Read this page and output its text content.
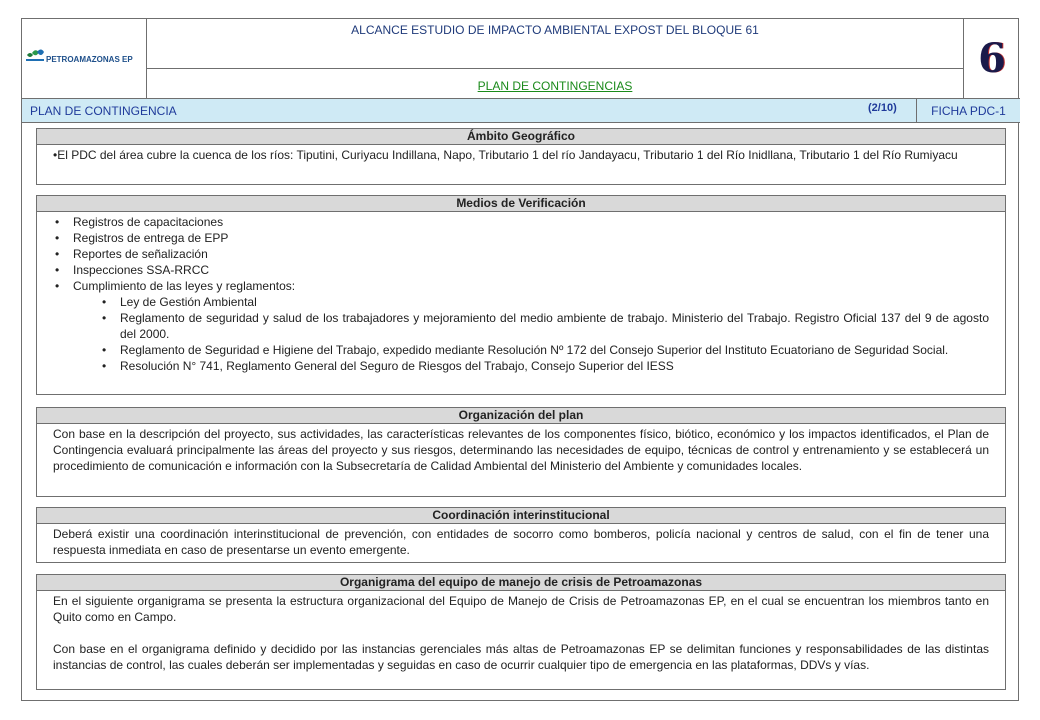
PETROAMAZONAS EP
ALCANCE ESTUDIO DE IMPACTO AMBIENTAL EXPOST DEL BLOQUE 61
PLAN DE CONTINGENCIAS
6
PLAN DE CONTINGENCIA	(2/10)	FICHA PDC-1
Ámbito Geográfico
•El PDC del área cubre la cuenca de los ríos: Tiputini, Curiyacu Indillana, Napo, Tributario 1 del río Jandayacu, Tributario 1 del Río Inidllana, Tributario 1 del Río Rumiyacu
Medios de Verificación
• Registros de capacitaciones
• Registros de entrega de EPP
• Reportes de señalización
• Inspecciones SSA-RRCC
• Cumplimiento de las leyes y reglamentos:
• Ley de Gestión Ambiental
• Reglamento de seguridad y salud de los trabajadores y mejoramiento del medio ambiente de trabajo. Ministerio del Trabajo. Registro Oficial 137 del 9 de agosto del 2000.
• Reglamento de Seguridad e Higiene del Trabajo, expedido mediante Resolución Nº 172 del Consejo Superior del Instituto Ecuatoriano de Seguridad Social.
• Resolución N° 741, Reglamento General del Seguro de Riesgos del Trabajo, Consejo Superior del IESS
Organización del plan
Con base en la descripción del proyecto, sus actividades, las características relevantes de los componentes físico, biótico, económico y los impactos identificados, el Plan de Contingencia evaluará principalmente las áreas del proyecto y sus riesgos, determinando las necesidades de equipo, técnicas de control y entrenamiento y se establecerá un procedimiento de comunicación e información con la Subsecretaría de Calidad Ambiental del Ministerio del Ambiente y comunidades locales.
Coordinación interinstitucional
Deberá existir una coordinación interinstitucional de prevención, con entidades de socorro como bomberos, policía nacional y centros de salud, con el fin de tener una respuesta inmediata en caso de presentarse un evento emergente.
Organigrama del equipo de manejo de crisis de Petroamazonas

En el siguiente organigrama se presenta la estructura organizacional del Equipo de Manejo de Crisis de Petroamazonas EP, en el cual se encuentran los miembros tanto en Quito como en Campo.

Con base en el organigrama definido y decidido por las instancias gerenciales más altas de Petroamazonas EP se delimitan funciones y responsabilidades de las distintas instancias de control, las cuales deberán ser implementadas y seguidas en caso de ocurrir cualquier tipo de emergencia en las plataformas, DDVs y vías.
